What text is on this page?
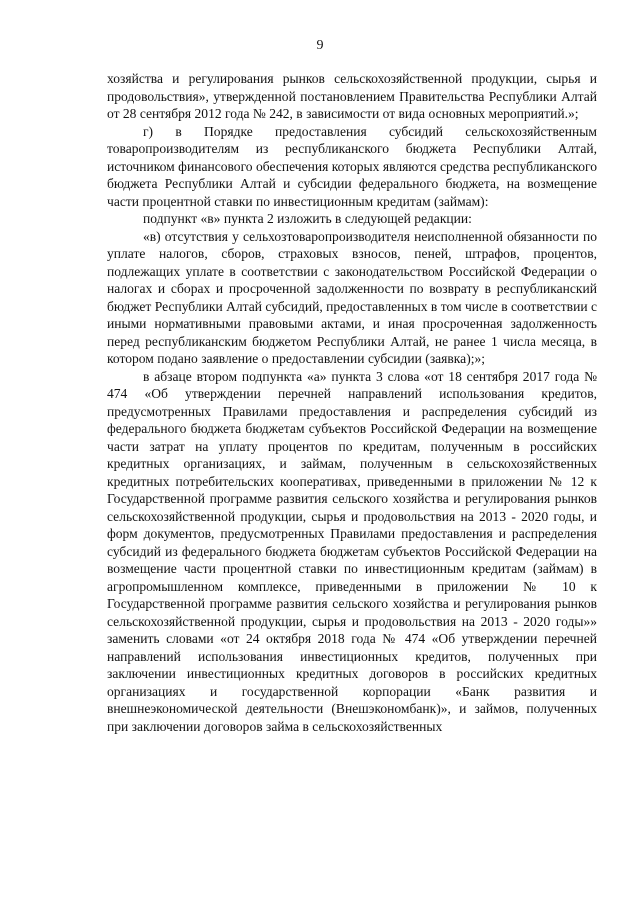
9

хозяйства и регулирования рынков сельскохозяйственной продукции, сырья и продовольствия», утвержденной постановлением Правительства Республики Алтай от 28 сентября 2012 года № 242, в зависимости от вида основных мероприятий.»;

г) в Порядке предоставления субсидий сельскохозяйственным товаропроизводителям из республиканского бюджета Республики Алтай, источником финансового обеспечения которых являются средства республиканского бюджета Республики Алтай и субсидии федерального бюджета, на возмещение части процентной ставки по инвестиционным кредитам (займам):

подпункт «в» пункта 2 изложить в следующей редакции:

«в) отсутствия у сельхозтоваропроизводителя неисполненной обязанности по уплате налогов, сборов, страховых взносов, пеней, штрафов, процентов, подлежащих уплате в соответствии с законодательством Российской Федерации о налогах и сборах и просроченной задолженности по возврату в республиканский бюджет Республики Алтай субсидий, предоставленных в том числе в соответствии с иными нормативными правовыми актами, и иная просроченная задолженность перед республиканским бюджетом Республики Алтай, не ранее 1 числа месяца, в котором подано заявление о предоставлении субсидии (заявка);»;

в абзаце втором подпункта «а» пункта 3 слова «от 18 сентября 2017 года № 474 «Об утверждении перечней направлений использования кредитов, предусмотренных Правилами предоставления и распределения субсидий из федерального бюджета бюджетам субъектов Российской Федерации на возмещение части затрат на уплату процентов по кредитам, полученным в российских кредитных организациях, и займам, полученным в сельскохозяйственных кредитных потребительских кооперативах, приведенными в приложении № 12 к Государственной программе развития сельского хозяйства и регулирования рынков сельскохозяйственной продукции, сырья и продовольствия на 2013 - 2020 годы, и форм документов, предусмотренных Правилами предоставления и распределения субсидий из федерального бюджета бюджетам субъектов Российской Федерации на возмещение части процентной ставки по инвестиционным кредитам (займам) в агропромышленном комплексе, приведенными в приложении № 10 к Государственной программе развития сельского хозяйства и регулирования рынков сельскохозяйственной продукции, сырья и продовольствия на 2013 - 2020 годы»» заменить словами «от 24 октября 2018 года № 474 «Об утверждении перечней направлений использования инвестиционных кредитов, полученных при заключении инвестиционных кредитных договоров в российских кредитных организациях и государственной корпорации «Банк развития и внешнеэкономической деятельности (Внешэкономбанк)», и займов, полученных при заключении договоров займа в сельскохозяйственных
